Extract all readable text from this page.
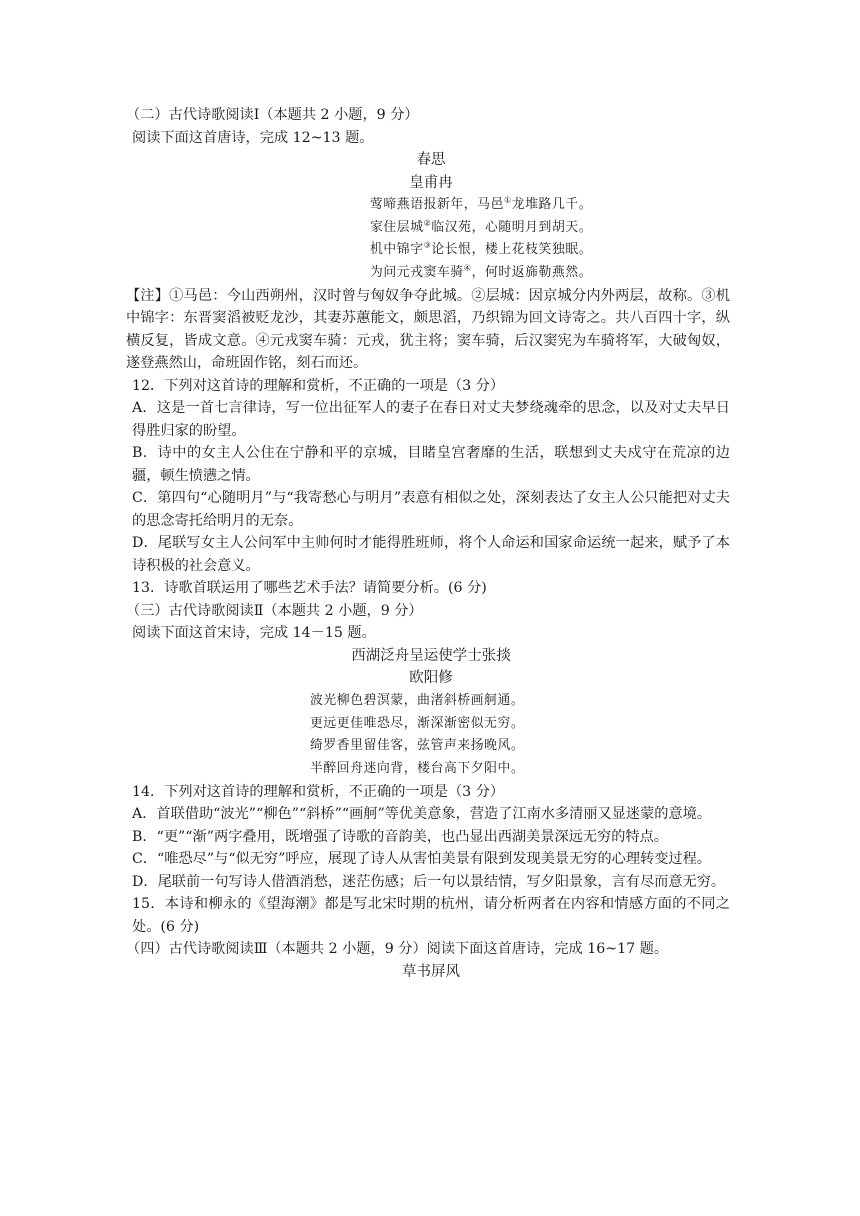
（二）古代诗歌阅读Ⅰ（本题共 2 小题，9 分）
阅读下面这首唐诗，完成 12~13 题。
春思
皇甫冉
莺啼燕语报新年，马邑①龙堆路几千。
家住层城②临汉苑，心随明月到胡天。
机中锦字③论长恨，楼上花枝笑独眠。
为问元戎窦车骑④，何时返旆勒燕然。
【注】①马邑：今山西朔州，汉时曾与匈奴争夺此城。②层城：因京城分内外两层，故称。③机中锦字：东晋窦滔被贬龙沙，其妻苏蕙能文，颇思滔，乃织锦为回文诗寄之。共八百四十字，纵横反复，皆成文意。④元戎窦车骑：元戎，犹主将；窦车骑，后汉窦宪为车骑将军，大破匈奴，遂登燕然山，命班固作铭，刻石而还。
12．下列对这首诗的理解和赏析，不正确的一项是（3 分）
A．这是一首七言律诗，写一位出征军人的妻子在春日对丈夫梦绕魂牵的思念，以及对丈夫早日得胜归家的盼望。
B．诗中的女主人公住在宁静和平的京城，目睹皇宫奢靡的生活，联想到丈夫戍守在荒凉的边疆，顿生愤懑之情。
C．第四句“心随明月”与“我寄愁心与明月”表意有相似之处，深刻表达了女主人公只能把对丈夫的思念寄托给明月的无奈。
D．尾联写女主人公问军中主帅何时才能得胜班师，将个人命运和国家命运统一起来，赋予了本诗积极的社会意义。
13．诗歌首联运用了哪些艺术手法？请简要分析。(6 分)
（三）古代诗歌阅读Ⅱ（本题共 2 小题，9 分）
阅读下面这首宋诗，完成 14－15 题。
西湖泛舟呈运使学士张掞
欧阳修
波光柳色碧溟蒙，曲渚斜桥画舸通。
更远更佳唯恐尽，渐深渐密似无穷。
绮罗香里留佳客，弦管声来扬晚风。
半醉回舟迷向背，楼台高下夕阳中。
14．下列对这首诗的理解和赏析，不正确的一项是（3 分）
A．首联借助“波光”“柳色”“斜桥”“画舸”等优美意象，营造了江南水多清丽又显迷蒙的意境。
B．“更”“渐”两字叠用，既增强了诗歌的音韵美，也凸显出西湖美景深远无穷的特点。
C．“唯恐尽”与“似无穷”呼应，展现了诗人从害怕美景有限到发现美景无穷的心理转变过程。
D．尾联前一句写诗人借酒消愁，迷茫伤感；后一句以景结情，写夕阳景象，言有尽而意无穷。
15．本诗和柳永的《望海潮》都是写北宋时期的杭州，请分析两者在内容和情感方面的不同之处。(6 分)
（四）古代诗歌阅读Ⅲ（本题共 2 小题，9 分）阅读下面这首唐诗，完成 16~17 题。
草书屏风
